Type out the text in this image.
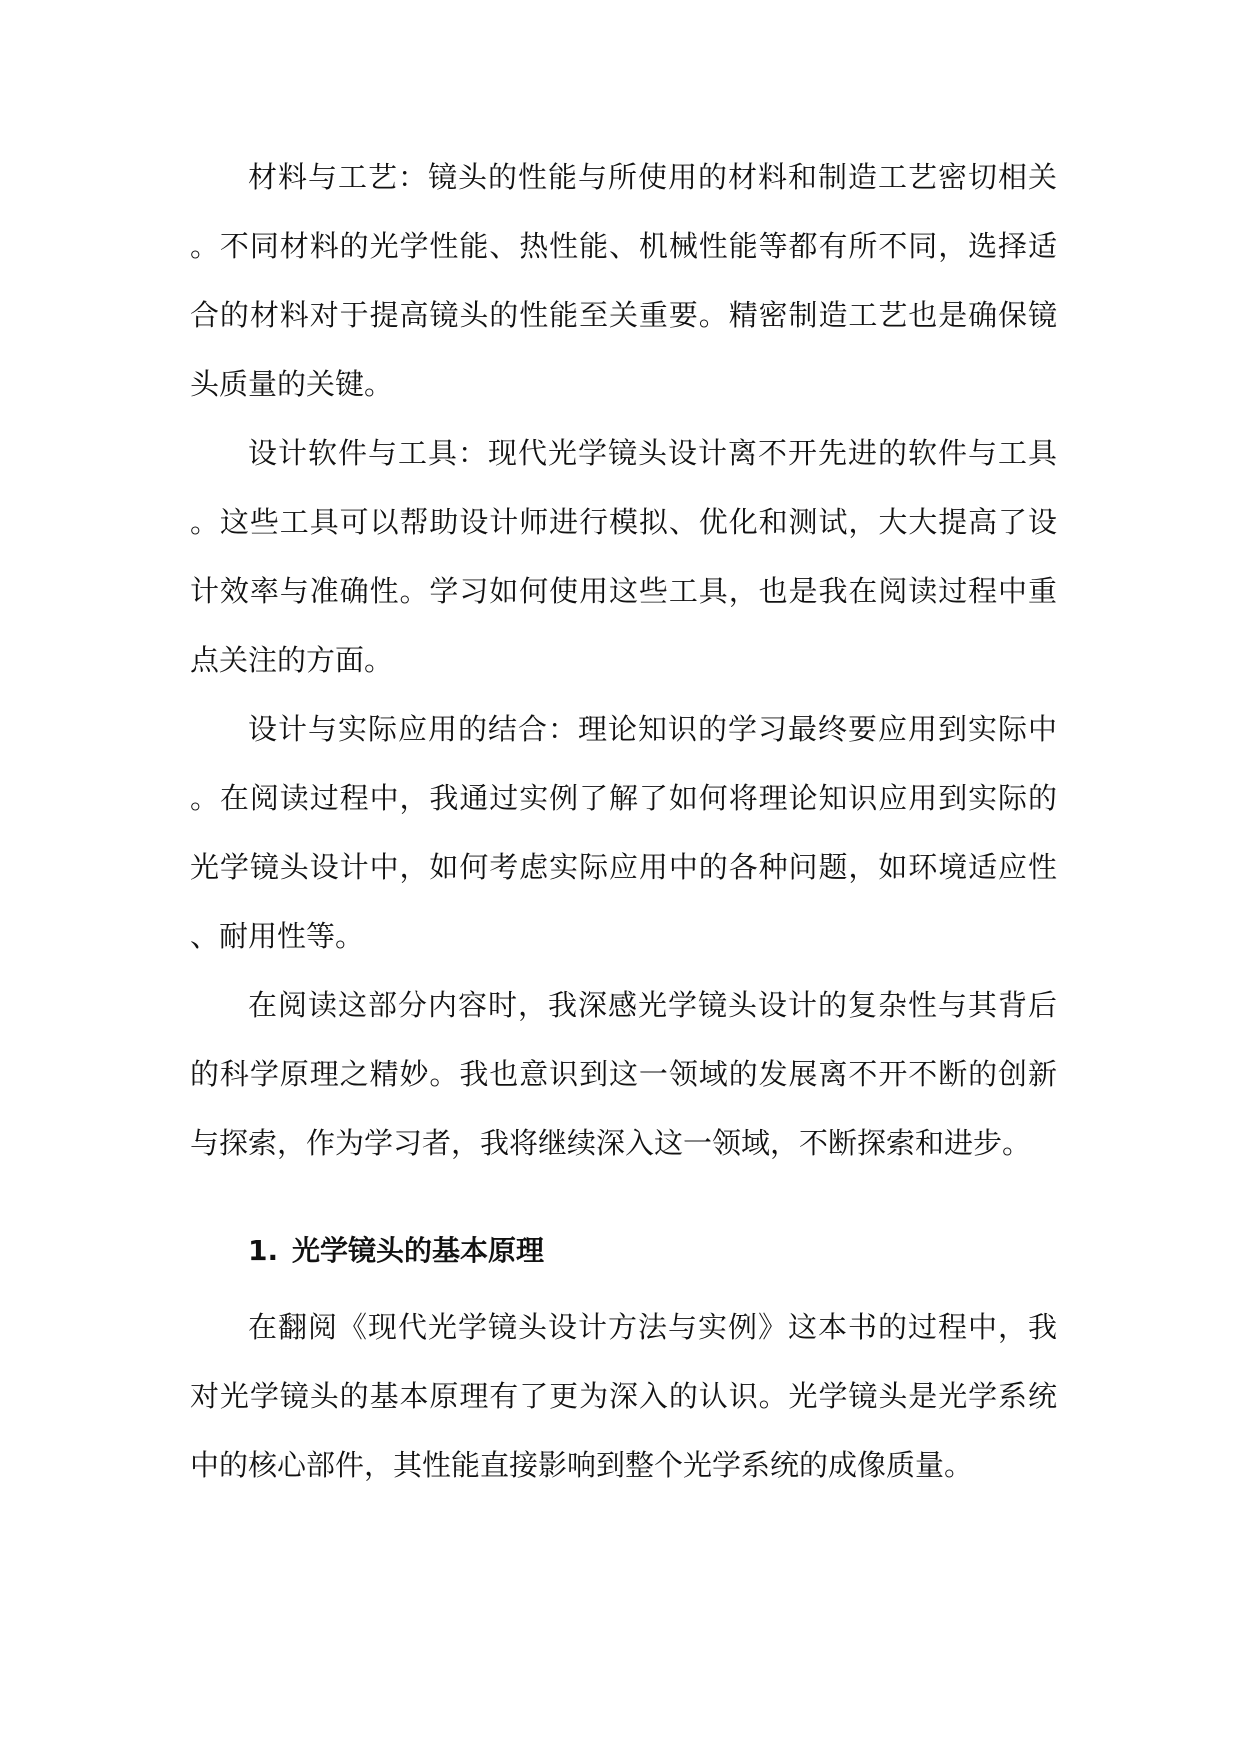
材料与工艺：镜头的性能与所使用的材料和制造工艺密切相关。不同材料的光学性能、热性能、机械性能等都有所不同，选择适合的材料对于提高镜头的性能至关重要。精密制造工艺也是确保镜头质量的关键。

设计软件与工具：现代光学镜头设计离不开先进的软件与工具。这些工具可以帮助设计师进行模拟、优化和测试，大大提高了设计效率与准确性。学习如何使用这些工具，也是我在阅读过程中重点关注的方面。

设计与实际应用的结合：理论知识的学习最终要应用到实际中。在阅读过程中，我通过实例了解了如何将理论知识应用到实际的光学镜头设计中，如何考虑实际应用中的各种问题，如环境适应性、耐用性等。

在阅读这部分内容时，我深感光学镜头设计的复杂性与其背后的科学原理之精妙。我也意识到这一领域的发展离不开不断的创新与探索，作为学习者，我将继续深入这一领域，不断探索和进步。

1. 光学镜头的基本原理

在翻阅《现代光学镜头设计方法与实例》这本书的过程中，我对光学镜头的基本原理有了更为深入的认识。光学镜头是光学系统中的核心部件，其性能直接影响到整个光学系统的成像质量。
